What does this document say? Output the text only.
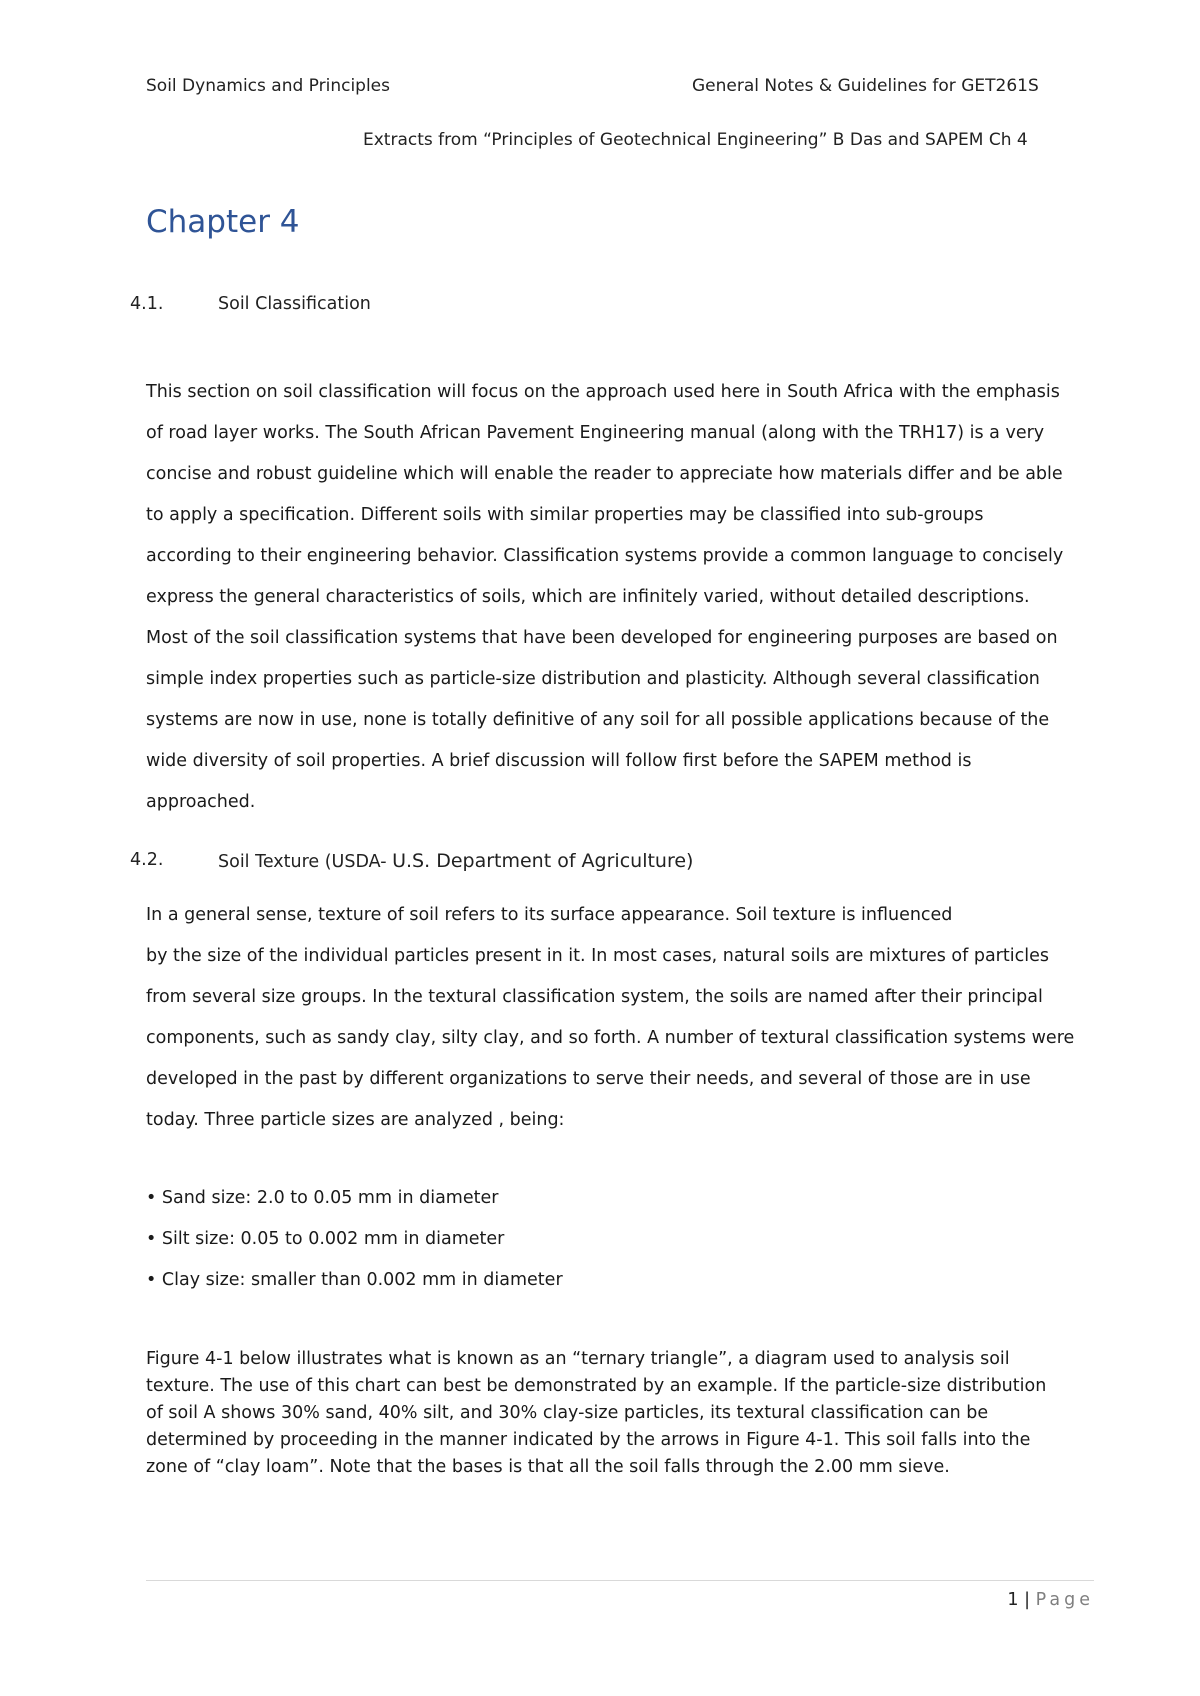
Soil Dynamics and Principles	General Notes & Guidelines for GET261S
Extracts from “Principles of Geotechnical Engineering” B Das and SAPEM Ch 4
Chapter 4
4.1.	Soil Classification
This section on soil classification will focus on the approach used here in South Africa with the emphasis
of road layer works. The South African Pavement Engineering manual (along with the TRH17) is a very
concise and robust guideline which will enable the reader to appreciate how materials differ and be able
to apply a specification. Different soils with similar properties may be classified into sub-groups
according to their engineering behavior. Classification systems provide a common language to concisely
express the general characteristics of soils, which are infinitely varied, without detailed descriptions.
Most of the soil classification systems that have been developed for engineering purposes are based on
simple index properties such as particle-size distribution and plasticity. Although several classification
systems are now in use, none is totally definitive of any soil for all possible applications because of the
wide diversity of soil properties. A brief discussion will follow first before the SAPEM method is
approached.
4.2.	Soil Texture (USDA- U.S. Department of Agriculture)
In a general sense, texture of soil refers to its surface appearance. Soil texture is influenced
by the size of the individual particles present in it. In most cases, natural soils are mixtures of particles
from several size groups. In the textural classification system, the soils are named after their principal
components, such as sandy clay, silty clay, and so forth. A number of textural classification systems were
developed in the past by different organizations to serve their needs, and several of those are in use
today. Three particle sizes are analyzed , being:
• Sand size: 2.0 to 0.05 mm in diameter
• Silt size: 0.05 to 0.002 mm in diameter
• Clay size: smaller than 0.002 mm in diameter
Figure 4-1 below illustrates what is known as an “ternary triangle”, a diagram used to analysis soil
texture. The use of this chart can best be demonstrated by an example. If the particle-size distribution
of soil A shows 30% sand, 40% silt, and 30% clay-size particles, its textural classification can be
determined by proceeding in the manner indicated by the arrows in Figure 4-1. This soil falls into the
zone of “clay loam”. Note that the bases is that all the soil falls through the 2.00 mm sieve.
1 | Page
